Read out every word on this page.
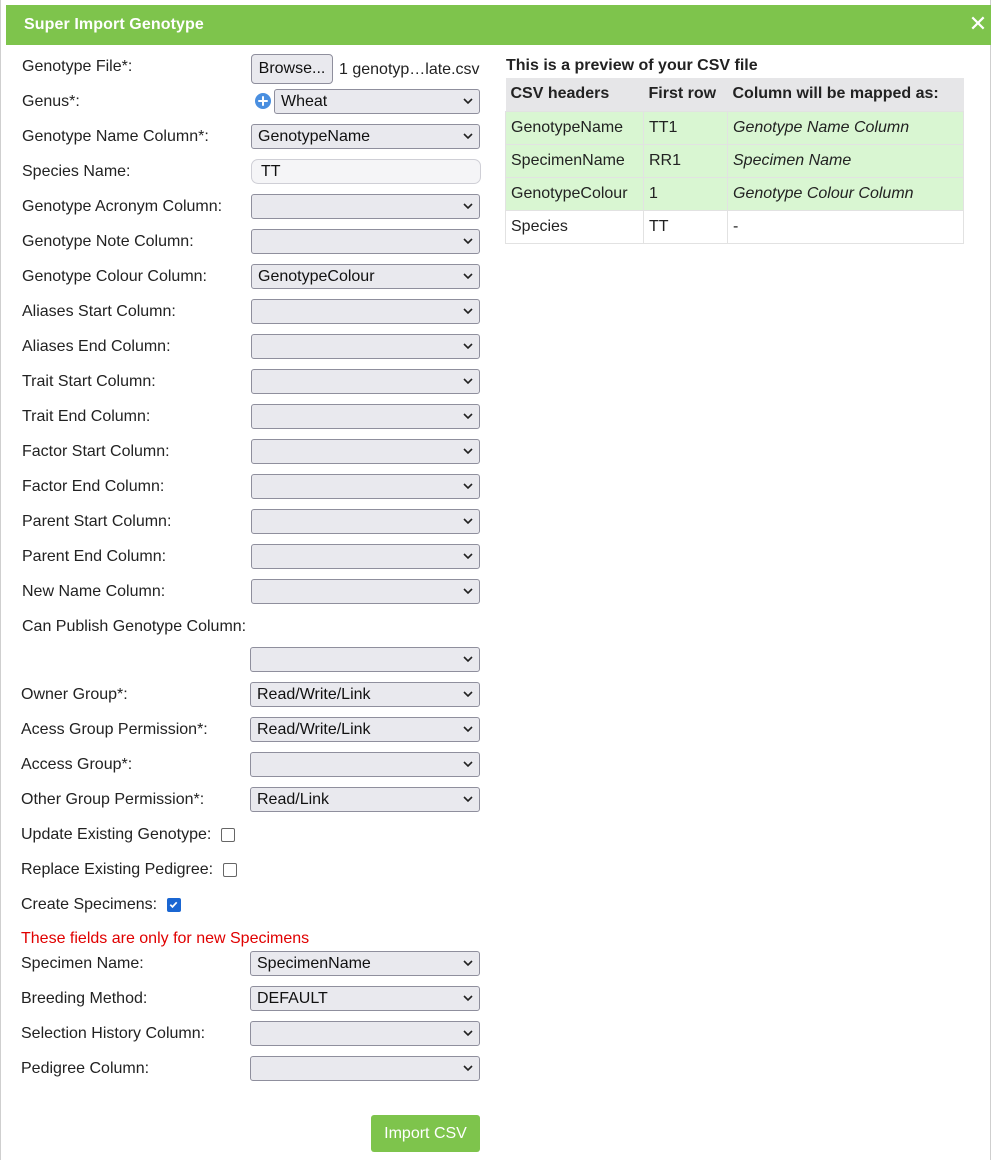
Super Import Genotype	✕
Genotype File*:	Browse... 1 genotyp…late.csv
Genus*:	Wheat
Genotype Name Column*:	GenotypeName
Species Name:	TT
Genotype Acronym Column:
Genotype Note Column:
Genotype Colour Column:	GenotypeColour
Aliases Start Column:
Aliases End Column:
Trait Start Column:
Trait End Column:
Factor Start Column:
Factor End Column:
Parent Start Column:
Parent End Column:
New Name Column:
Can Publish Genotype Column:
Owner Group*:	Read/Write/Link
Acess Group Permission*:	Read/Write/Link
Access Group*:
Other Group Permission*:	Read/Link
Update Existing Genotype:
Replace Existing Pedigree:
Create Specimens:
These fields are only for new Specimens
Specimen Name:	SpecimenName
Breeding Method:	DEFAULT
Selection History Column:
Pedigree Column:
Import CSV
This is a preview of your CSV file
CSV headers	First row	Column will be mapped as:
GenotypeName	TT1	Genotype Name Column
SpecimenName	RR1	Specimen Name
GenotypeColour	1	Genotype Colour Column
Species	TT	-
